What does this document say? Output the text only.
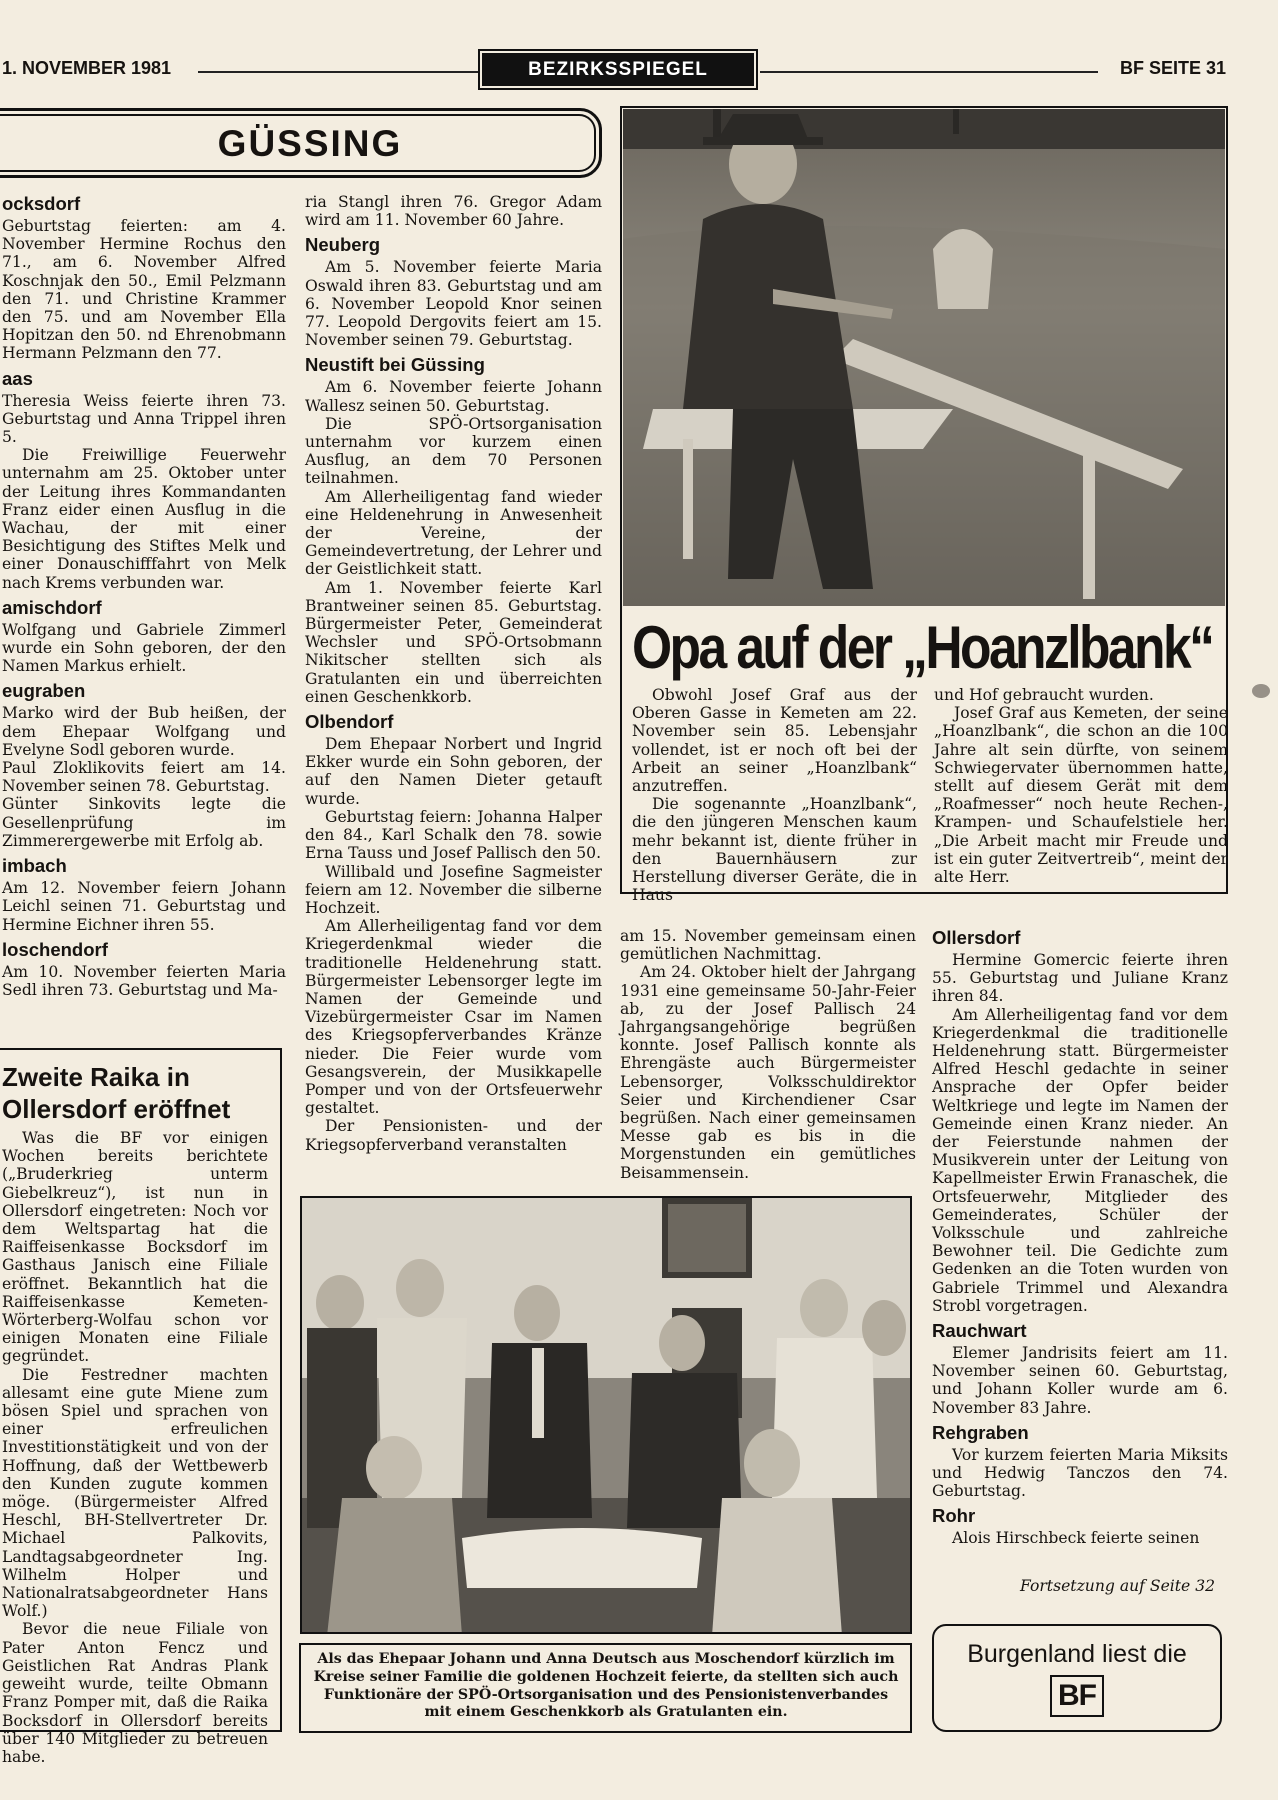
1. NOVEMBER 1981	BEZIRKSSPIEGEL	BF SEITE 31
GÜSSING
ocksdorf

Geburtstag feierten: am 4. November Hermine Rochus den 71., am 6. November Alfred Koschnjak den 50., Emil Pelzmann den 71. und Christine Krammer den 75. und am November Ella Hopitzan den 50. nd Ehrenobmann Hermann Pelzmann den 77.

aas

Theresia Weiss feierte ihren 73. Geburtstag und Anna Trippel ihren 5.

Die Freiwillige Feuerwehr unternahm am 25. Oktober unter der Leitung ihres Kommandanten Franz eider einen Ausflug in die Wachau, der mit einer Besichtigung des Stiftes Melk und einer Donauschifffahrt von Melk nach Krems verbunden war.

amischdorf

Wolfgang und Gabriele Zimmerl wurde ein Sohn geboren, der den Namen Markus erhielt.

eugraben

Marko wird der Bub heißen, der dem Ehepaar Wolfgang und Evelyne Sodl geboren wurde.

Paul Zloklikovits feiert am 14. November seinen 78. Geburtstag.

Günter Sinkovits legte die Gesellenprüfung im Zimmerergewerbe mit Erfolg ab.

imbach

Am 12. November feiern Johann Leichl seinen 71. Geburtstag und Hermine Eichner ihren 55.

loschendorf

Am 10. November feierten Maria Sedl ihren 73. Geburtstag und Ma-

ria Stangl ihren 76. Gregor Adam wird am 11. November 60 Jahre.

Neuberg

Am 5. November feierte Maria Oswald ihren 83. Geburtstag und am 6. November Leopold Knor seinen 77. Leopold Dergovits feiert am 15. November seinen 79. Geburtstag.

Neustift bei Güssing

Am 6. November feierte Johann Wallesz seinen 50. Geburtstag.

Die SPÖ-Ortsorganisation unternahm vor kurzem einen Ausflug, an dem 70 Personen teilnahmen.

Am Allerheiligentag fand wieder eine Heldenehrung in Anwesenheit der Vereine, der Gemeindevertretung, der Lehrer und der Geistlichkeit statt.

Am 1. November feierte Karl Brantweiner seinen 85. Geburtstag. Bürgermeister Peter, Gemeinderat Wechsler und SPÖ-Ortsobmann Nikitscher stellten sich als Gratulanten ein und überreichten einen Geschenkkorb.

Olbendorf

Dem Ehepaar Norbert und Ingrid Ekker wurde ein Sohn geboren, der auf den Namen Dieter getauft wurde.

Geburtstag feiern: Johanna Halper den 84., Karl Schalk den 78. sowie Erna Tauss und Josef Pallisch den 50.

Willibald und Josefine Sagmeister feiern am 12. November die silberne Hochzeit.

Am Allerheiligentag fand vor dem Kriegerdenkmal wieder die traditionelle Heldenehrung statt. Bürgermeister Lebensorger legte im Namen der Gemeinde und Vizebürgermeister Csar im Namen des Kriegsopferverbandes Kränze nieder. Die Feier wurde vom Gesangsverein, der Musikkapelle Pomper und von der Ortsfeuerwehr gestaltet.

Der Pensionisten- und der Kriegsopferverband veranstalten

Opa auf der „Hoanzlbank“

Obwohl Josef Graf aus der Oberen Gasse in Kemeten am 22. November sein 85. Lebensjahr vollendet, ist er noch oft bei der Arbeit an seiner „Hoanzlbank“ anzutreffen.

Die sogenannte „Hoanzlbank“, die den jüngeren Menschen kaum mehr bekannt ist, diente früher in den Bauernhäusern zur Herstellung diverser Geräte, die in Haus

und Hof gebraucht wurden.

Josef Graf aus Kemeten, der seine „Hoanzlbank“, die schon an die 100 Jahre alt sein dürfte, von seinem Schwiegervater übernommen hatte, stellt auf diesem Gerät mit dem „Roafmesser“ noch heute Rechen-, Krampen- und Schaufelstiele her. „Die Arbeit macht mir Freude und ist ein guter Zeitvertreib“, meint der alte Herr.

am 15. November gemeinsam einen gemütlichen Nachmittag.

Am 24. Oktober hielt der Jahrgang 1931 eine gemeinsame 50-Jahr-Feier ab, zu der Josef Pallisch 24 Jahrgangsangehörige begrüßen konnte. Josef Pallisch konnte als Ehrengäste auch Bürgermeister Lebensorger, Volksschuldirektor Seier und Kirchendiener Csar begrüßen. Nach einer gemeinsamen Messe gab es bis in die Morgenstunden ein gemütliches Beisammensein.

Zweite Raika in Ollersdorf eröffnet

Was die BF vor einigen Wochen bereits berichtete („Bruderkrieg unterm Giebelkreuz“), ist nun in Ollersdorf eingetreten: Noch vor dem Weltspartag hat die Raiffeisenkasse Bocksdorf im Gasthaus Janisch eine Filiale eröffnet. Bekanntlich hat die Raiffeisenkasse Kemeten-Wörterberg-Wolfau schon vor einigen Monaten eine Filiale gegründet.

Die Festredner machten allesamt eine gute Miene zum bösen Spiel und sprachen von einer erfreulichen Investitionstätigkeit und von der Hoffnung, daß der Wettbewerb den Kunden zugute kommen möge. (Bürgermeister Alfred Heschl, BH-Stellvertreter Dr. Michael Palkovits, Landtagsabgeordneter Ing. Wilhelm Holper und Nationalratsabgeordneter Hans Wolf.)

Bevor die neue Filiale von Pater Anton Fencz und Geistlichen Rat Andras Plank geweiht wurde, teilte Obmann Franz Pomper mit, daß die Raika Bocksdorf in Ollersdorf bereits über 140 Mitglieder zu betreuen habe.

Als das Ehepaar Johann und Anna Deutsch aus Moschendorf kürzlich im Kreise seiner Familie die goldenen Hochzeit feierte, da stellten sich auch Funktionäre der SPÖ-Ortsorganisation und des Pensionistenverbandes mit einem Geschenkkorb als Gratulanten ein.
Ollersdorf

Hermine Gomercic feierte ihren 55. Geburtstag und Juliane Kranz ihren 84.

Am Allerheiligentag fand vor dem Kriegerdenkmal die traditionelle Heldenehrung statt. Bürgermeister Alfred Heschl gedachte in seiner Ansprache der Opfer beider Weltkriege und legte im Namen der Gemeinde einen Kranz nieder. An der Feierstunde nahmen der Musikverein unter der Leitung von Kapellmeister Erwin Franaschek, die Ortsfeuerwehr, Mitglieder des Gemeinderates, Schüler der Volksschule und zahlreiche Bewohner teil. Die Gedichte zum Gedenken an die Toten wurden von Gabriele Trimmel und Alexandra Strobl vorgetragen.

Rauchwart

Elemer Jandrisits feiert am 11. November seinen 60. Geburtstag, und Johann Koller wurde am 6. November 83 Jahre.

Rehgraben

Vor kurzem feierten Maria Miksits und Hedwig Tanczos den 74. Geburtstag.

Rohr

Alois Hirschbeck feierte seinen

Fortsetzung auf Seite 32
Burgenland liest die
BF
